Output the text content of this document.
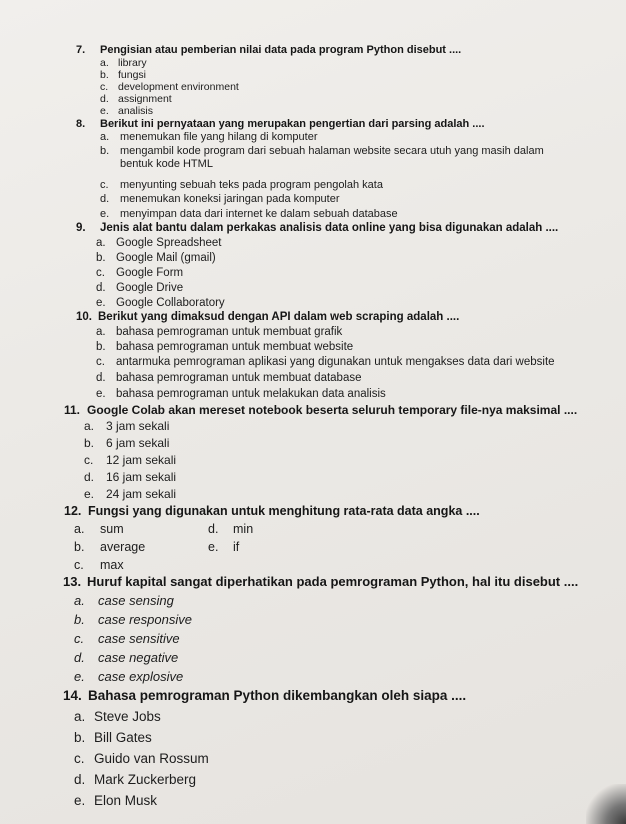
7. Pengisian atau pemberian nilai data pada program Python disebut ....
a. library
b. fungsi
c. development environment
d. assignment
e. analisis
8. Berikut ini pernyataan yang merupakan pengertian dari parsing adalah ....
a. menemukan file yang hilang di komputer
b. mengambil kode program dari sebuah halaman website secara utuh yang masih dalam
bentuk kode HTML
c. menyunting sebuah teks pada program pengolah kata
d. menemukan koneksi jaringan pada komputer
e. menyimpan data dari internet ke dalam sebuah database
9. Jenis alat bantu dalam perkakas analisis data online yang bisa digunakan adalah ....
a. Google Spreadsheet
b. Google Mail (gmail)
c. Google Form
d. Google Drive
e. Google Collaboratory
10. Berikut yang dimaksud dengan API dalam web scraping adalah ....
a. bahasa pemrograman untuk membuat grafik
b. bahasa pemrograman untuk membuat website
c. antarmuka pemrograman aplikasi yang digunakan untuk mengakses data dari website
d. bahasa pemrograman untuk membuat database
e. bahasa pemrograman untuk melakukan data analisis
11. Google Colab akan mereset notebook beserta seluruh temporary file-nya maksimal ....
a. 3 jam sekali
b. 6 jam sekali
c. 12 jam sekali
d. 16 jam sekali
e. 24 jam sekali
12. Fungsi yang digunakan untuk menghitung rata-rata data angka ....
a. sum	d. min
b. average	e. if
c. max
13. Huruf kapital sangat diperhatikan pada pemrograman Python, hal itu disebut ....
a. case sensing
b. case responsive
c. case sensitive
d. case negative
e. case explosive
14. Bahasa pemrograman Python dikembangkan oleh siapa ....
a. Steve Jobs
b. Bill Gates
c. Guido van Rossum
d. Mark Zuckerberg
e. Elon Musk
